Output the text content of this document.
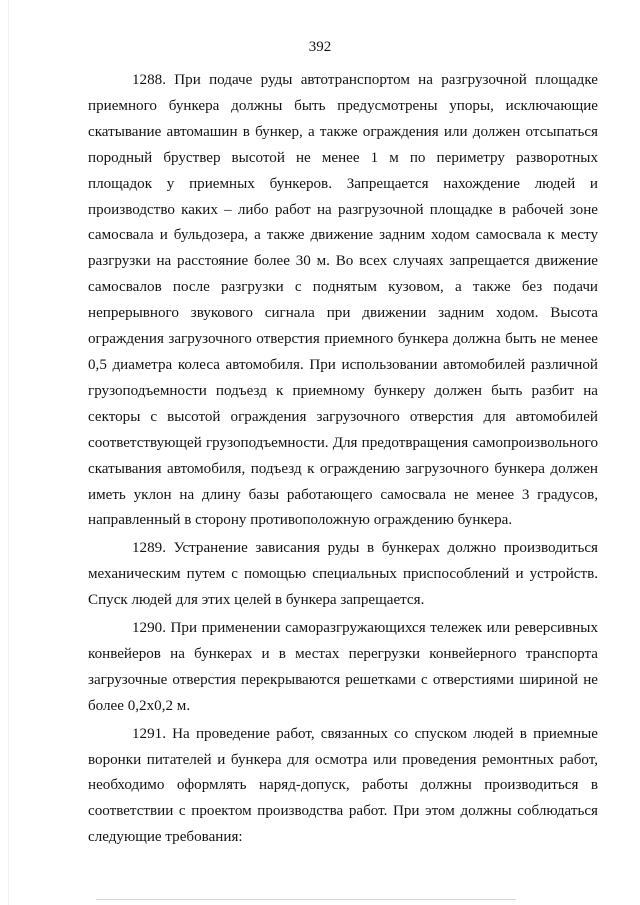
392

1288. При подаче руды автотранспортом на разгрузочной площадке приемного бункера должны быть предусмотрены упоры, исключающие скатывание автомашин в бункер, а также ограждения или должен отсыпаться породный бруствер высотой не менее 1 м по периметру разворотных площадок у приемных бункеров. Запрещается нахождение людей и производство каких – либо работ на разгрузочной площадке в рабочей зоне самосвала и бульдозера, а также движение задним ходом самосвала к месту разгрузки на расстояние более 30 м. Во всех случаях запрещается движение самосвалов после разгрузки с поднятым кузовом, а также без подачи непрерывного звукового сигнала при движении задним ходом. Высота ограждения загрузочного отверстия приемного бункера должна быть не менее 0,5 диаметра колеса автомобиля. При использовании автомобилей различной грузоподъемности подъезд к приемному бункеру должен быть разбит на секторы с высотой ограждения загрузочного отверстия для автомобилей соответствующей грузоподъемности. Для предотвращения самопроизвольного скатывания автомобиля, подъезд к ограждению загрузочного бункера должен иметь уклон на длину базы работающего самосвала не менее 3 градусов, направленный в сторону противоположную ограждению бункера.

1289. Устранение зависания руды в бункерах должно производиться механическим путем с помощью специальных приспособлений и устройств. Спуск людей для этих целей в бункера запрещается.

1290. При применении саморазгружающихся тележек или реверсивных конвейеров на бункерах и в местах перегрузки конвейерного транспорта загрузочные отверстия перекрываются решетками с отверстиями шириной не более 0,2х0,2 м.

1291. На проведение работ, связанных со спуском людей в приемные воронки питателей и бункера для осмотра или проведения ремонтных работ, необходимо оформлять наряд-допуск, работы должны производиться в соответствии с проектом производства работ. При этом должны соблюдаться следующие требования:
